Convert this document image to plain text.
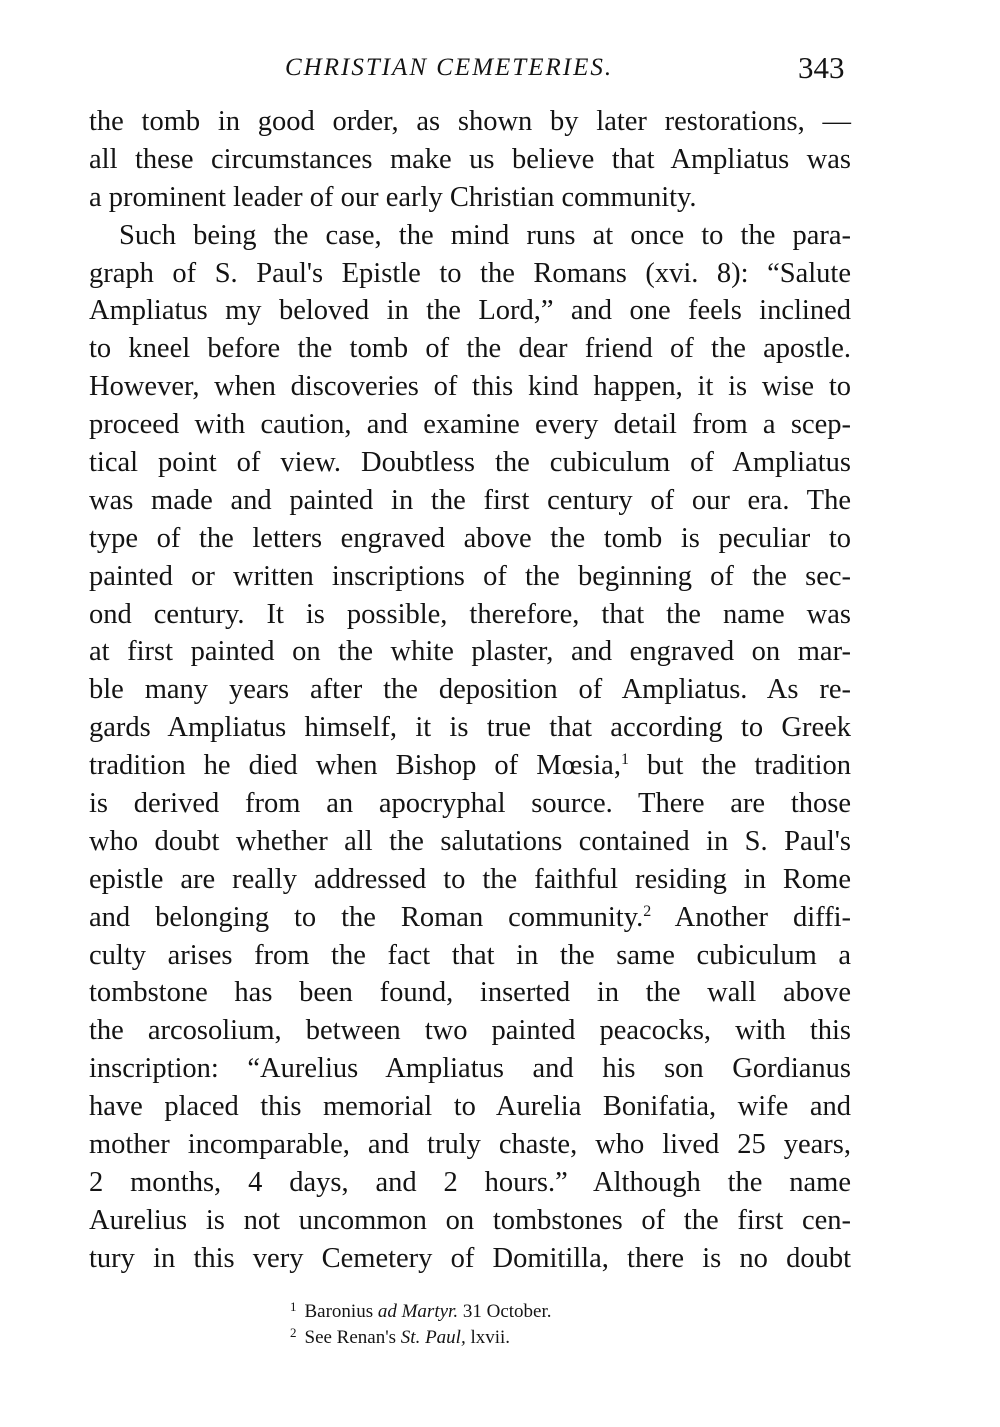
CHRISTIAN CEMETERIES.	343
the tomb in good order, as shown by later restorations, —
all these circumstances make us believe that Ampliatus was
a prominent leader of our early Christian community.
Such being the case, the mind runs at once to the para-
graph of S. Paul's Epistle to the Romans (xvi. 8): “Salute
Ampliatus my beloved in the Lord,” and one feels inclined
to kneel before the tomb of the dear friend of the apostle.
However, when discoveries of this kind happen, it is wise to
proceed with caution, and examine every detail from a scep-
tical point of view. Doubtless the cubiculum of Ampliatus
was made and painted in the first century of our era. The
type of the letters engraved above the tomb is peculiar to
painted or written inscriptions of the beginning of the sec-
ond century. It is possible, therefore, that the name was
at first painted on the white plaster, and engraved on mar-
ble many years after the deposition of Ampliatus. As re-
gards Ampliatus himself, it is true that according to Greek
tradition he died when Bishop of Mœsia,$^1$ but the tradition
is derived from an apocryphal source. There are those
who doubt whether all the salutations contained in S. Paul's
epistle are really addressed to the faithful residing in Rome
and belonging to the Roman community.$^2$ Another diffi-
culty arises from the fact that in the same cubiculum a
tombstone has been found, inserted in the wall above
the arcosolium, between two painted peacocks, with this
inscription: “Aurelius Ampliatus and his son Gordianus
have placed this memorial to Aurelia Bonifatia, wife and
mother incomparable, and truly chaste, who lived 25 years,
2 months, 4 days, and 2 hours.” Although the name
Aurelius is not uncommon on tombstones of the first cen-
tury in this very Cemetery of Domitilla, there is no doubt
$^1$ Baronius ad Martyr. 31 October.
$^2$ See Renan's St. Paul, lxvii.
